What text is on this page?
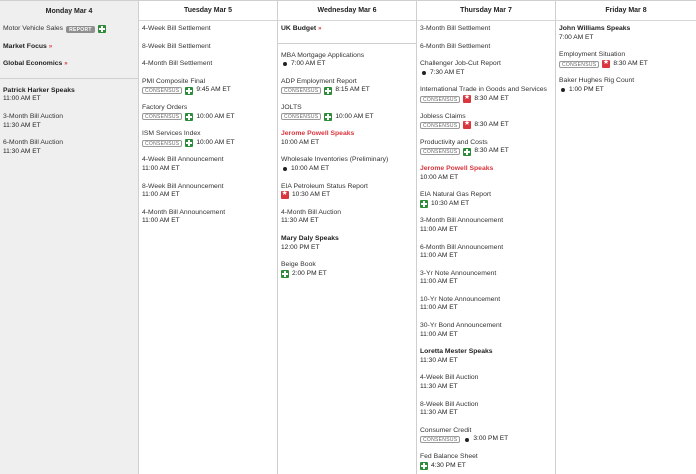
Monday Mar 4
Motor Vehicle Sales	REPORT
Market Focus »
Global Economics »
Patrick Harker Speaks
11:00 AM ET
3-Month Bill Auction
11:30 AM ET
6-Month Bill Auction
11:30 AM ET
Tuesday Mar 5
4-Week Bill Settlement
8-Week Bill Settlement
4-Month Bill Settlement
PMI Composite Final
CONSENSUS	9:45 AM ET
Factory Orders
CONSENSUS	10:00 AM ET
ISM Services Index
CONSENSUS	10:00 AM ET
4-Week Bill Announcement
11:00 AM ET
8-Week Bill Announcement
11:00 AM ET
4-Month Bill Announcement
11:00 AM ET
Wednesday Mar 6
UK Budget »
MBA Mortgage Applications
7:00 AM ET
ADP Employment Report
CONSENSUS	8:15 AM ET
JOLTS
CONSENSUS	10:00 AM ET
Jerome Powell Speaks
10:00 AM ET
Wholesale Inventories (Preliminary)
10:00 AM ET
EIA Petroleum Status Report
★
10:30 AM ET
4-Month Bill Auction
11:30 AM ET
Mary Daly Speaks
12:00 PM ET
Beige Book
2:00 PM ET
Thursday Mar 7
3-Month Bill Settlement
6-Month Bill Settlement
Challenger Job-Cut Report
7:30 AM ET
International Trade in Goods and Services
CONSENSUS ★	8:30 AM ET
Jobless Claims
CONSENSUS ★	8:30 AM ET
Productivity and Costs
CONSENSUS	8:30 AM ET
Jerome Powell Speaks
10:00 AM ET
EIA Natural Gas Report
10:30 AM ET
3-Month Bill Announcement
11:00 AM ET
6-Month Bill Announcement
11:00 AM ET
3-Yr Note Announcement
11:00 AM ET
10-Yr Note Announcement
11:00 AM ET
30-Yr Bond Announcement
11:00 AM ET
Loretta Mester Speaks
11:30 AM ET
4-Week Bill Auction
11:30 AM ET
8-Week Bill Auction
11:30 AM ET
Consumer Credit
CONSENSUS	3:00 PM ET
Fed Balance Sheet
4:30 PM ET
Friday Mar 8
John Williams Speaks
7:00 AM ET
Employment Situation
CONSENSUS ★	8:30 AM ET
Baker Hughes Rig Count
1:00 PM ET
